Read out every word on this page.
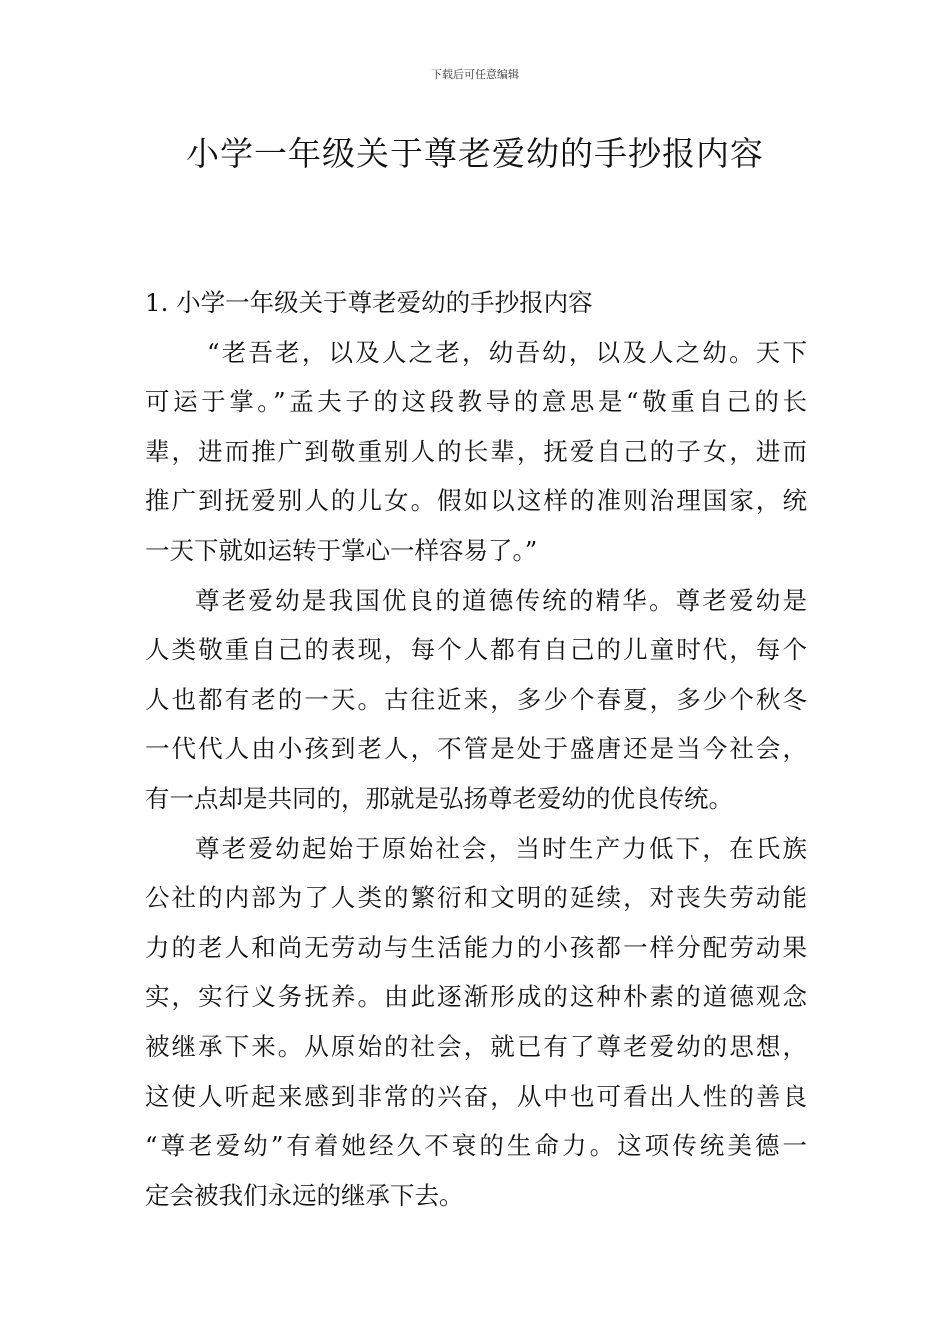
下载后可任意编辑
小学一年级关于尊老爱幼的手抄报内容
1. 小学一年级关于尊老爱幼的手抄报内容
“老吾老，以及人之老，幼吾幼，以及人之幼。天下
可运于掌。”孟夫子的这段教导的意思是“敬重自己的长
辈，进而推广到敬重别人的长辈，抚爱自己的子女，进而
推广到抚爱别人的儿女。假如以这样的准则治理国家，统
一天下就如运转于掌心一样容易了。”
尊老爱幼是我国优良的道德传统的精华。尊老爱幼是
人类敬重自己的表现，每个人都有自己的儿童时代，每个
人也都有老的一天。古往近来，多少个春夏，多少个秋冬
一代代人由小孩到老人，不管是处于盛唐还是当今社会，
有一点却是共同的，那就是弘扬尊老爱幼的优良传统。
尊老爱幼起始于原始社会，当时生产力低下，在氏族
公社的内部为了人类的繁衍和文明的延续，对丧失劳动能
力的老人和尚无劳动与生活能力的小孩都一样分配劳动果
实，实行义务抚养。由此逐渐形成的这种朴素的道德观念
被继承下来。从原始的社会，就已有了尊老爱幼的思想，
这使人听起来感到非常的兴奋，从中也可看出人性的善良
“尊老爱幼”有着她经久不衰的生命力。这项传统美德一
定会被我们永远的继承下去。
